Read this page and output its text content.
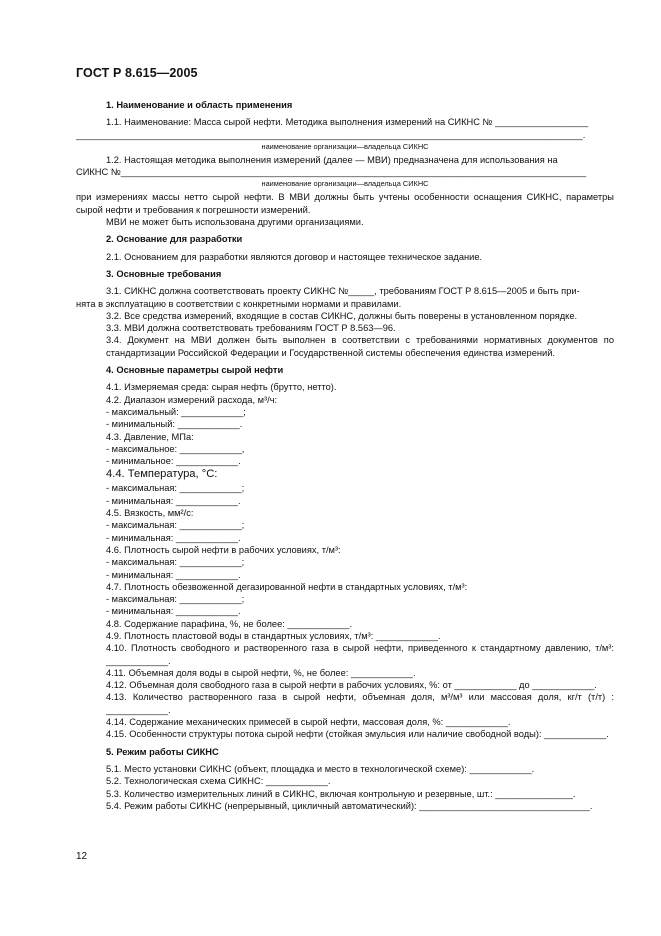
ГОСТ Р 8.615—2005

1. Наименование и область применения

1.1. Наименование: Масса сырой нефти. Методика выполнения измерений на СИКНС № __________________

__________________________________________________________________________________________________.

наименование организации—владельца СИКНС

1.2. Настоящая методика выполнения измерений (далее — МВИ) предназначена для использования на

СИКНС №__________________________________________________________________________________________

наименование организации—владельца СИКНС

при измерениях массы нетто сырой нефти. В МВИ должны быть учтены особенности оснащения СИКНС, параметры сырой нефти и требования к погрешности измерений.

МВИ не может быть использована другими организациями.

2. Основание для разработки

2.1. Основанием для разработки являются договор и настоящее техническое задание.

3. Основные требования

3.1. СИКНС должна соответствовать проекту СИКНС №_____, требованиям ГОСТ Р 8.615—2005 и быть при-

нята в эксплуатацию в соответствии с конкретными нормами и правилами.

3.2. Все средства измерений, входящие в состав СИКНС, должны быть поверены в установленном порядке.

3.3. МВИ должна соответствовать требованиям ГОСТ Р 8.563—96.

3.4. Документ на МВИ должен быть выполнен в соответствии с требованиями нормативных документов по стандартизации Российской Федерации и Государственной системы обеспечения единства измерений.

4. Основные параметры сырой нефти

4.1. Измеряемая среда: сырая нефть (брутто, нетто).

4.2. Диапазон измерений расхода, м³/ч:

- максимальный: ____________;

- минимальный: ____________.

4.3. Давление, МПа:

- максимальное: ____________,

- минимальное: ____________.

4.4. Температура, °С:

- максимальная: ____________;

- минимальная: ____________.

4.5. Вязкость, мм²/с:

- максимальная: ____________;

- минимальная: ____________.

4.6. Плотность сырой нефти в рабочих условиях, т/м³:

- максимальная: ____________;

- минимальная: ____________.

4.7. Плотность обезвоженной дегазированной нефти в стандартных условиях, т/м³:

- максимальная: ____________;

- минимальная: ____________.

4.8. Содержание парафина, %, не более: ____________.

4.9. Плотность пластовой воды в стандартных условиях, т/м³: ____________.

4.10. Плотность свободного и растворенного газа в сырой нефти, приведенного к стандартному давлению, т/м³: ____________.

4.11. Объемная доля воды в сырой нефти, %, не более: ____________.

4.12. Объемная доля свободного газа в сырой нефти в рабочих условиях, %: от ____________ до ____________.

4.13. Количество растворенного газа в сырой нефти, объемная доля, м³/м³ или массовая доля, кг/т (т/т) : ____________.

4.14. Содержание механических примесей в сырой нефти, массовая доля, %: ____________.

4.15. Особенности структуры потока сырой нефти (стойкая эмульсия или наличие свободной воды): ____________.

5. Режим работы СИКНС

5.1. Место установки СИКНС (объект, площадка и место в технологической схеме): ____________.

5.2. Технологическая схема СИКНС: ____________.

5.3. Количество измерительных линий в СИКНС, включая контрольную и резервные, шт.: _______________.

5.4. Режим работы СИКНС (непрерывный, цикличный автоматический): _________________________________.

12
